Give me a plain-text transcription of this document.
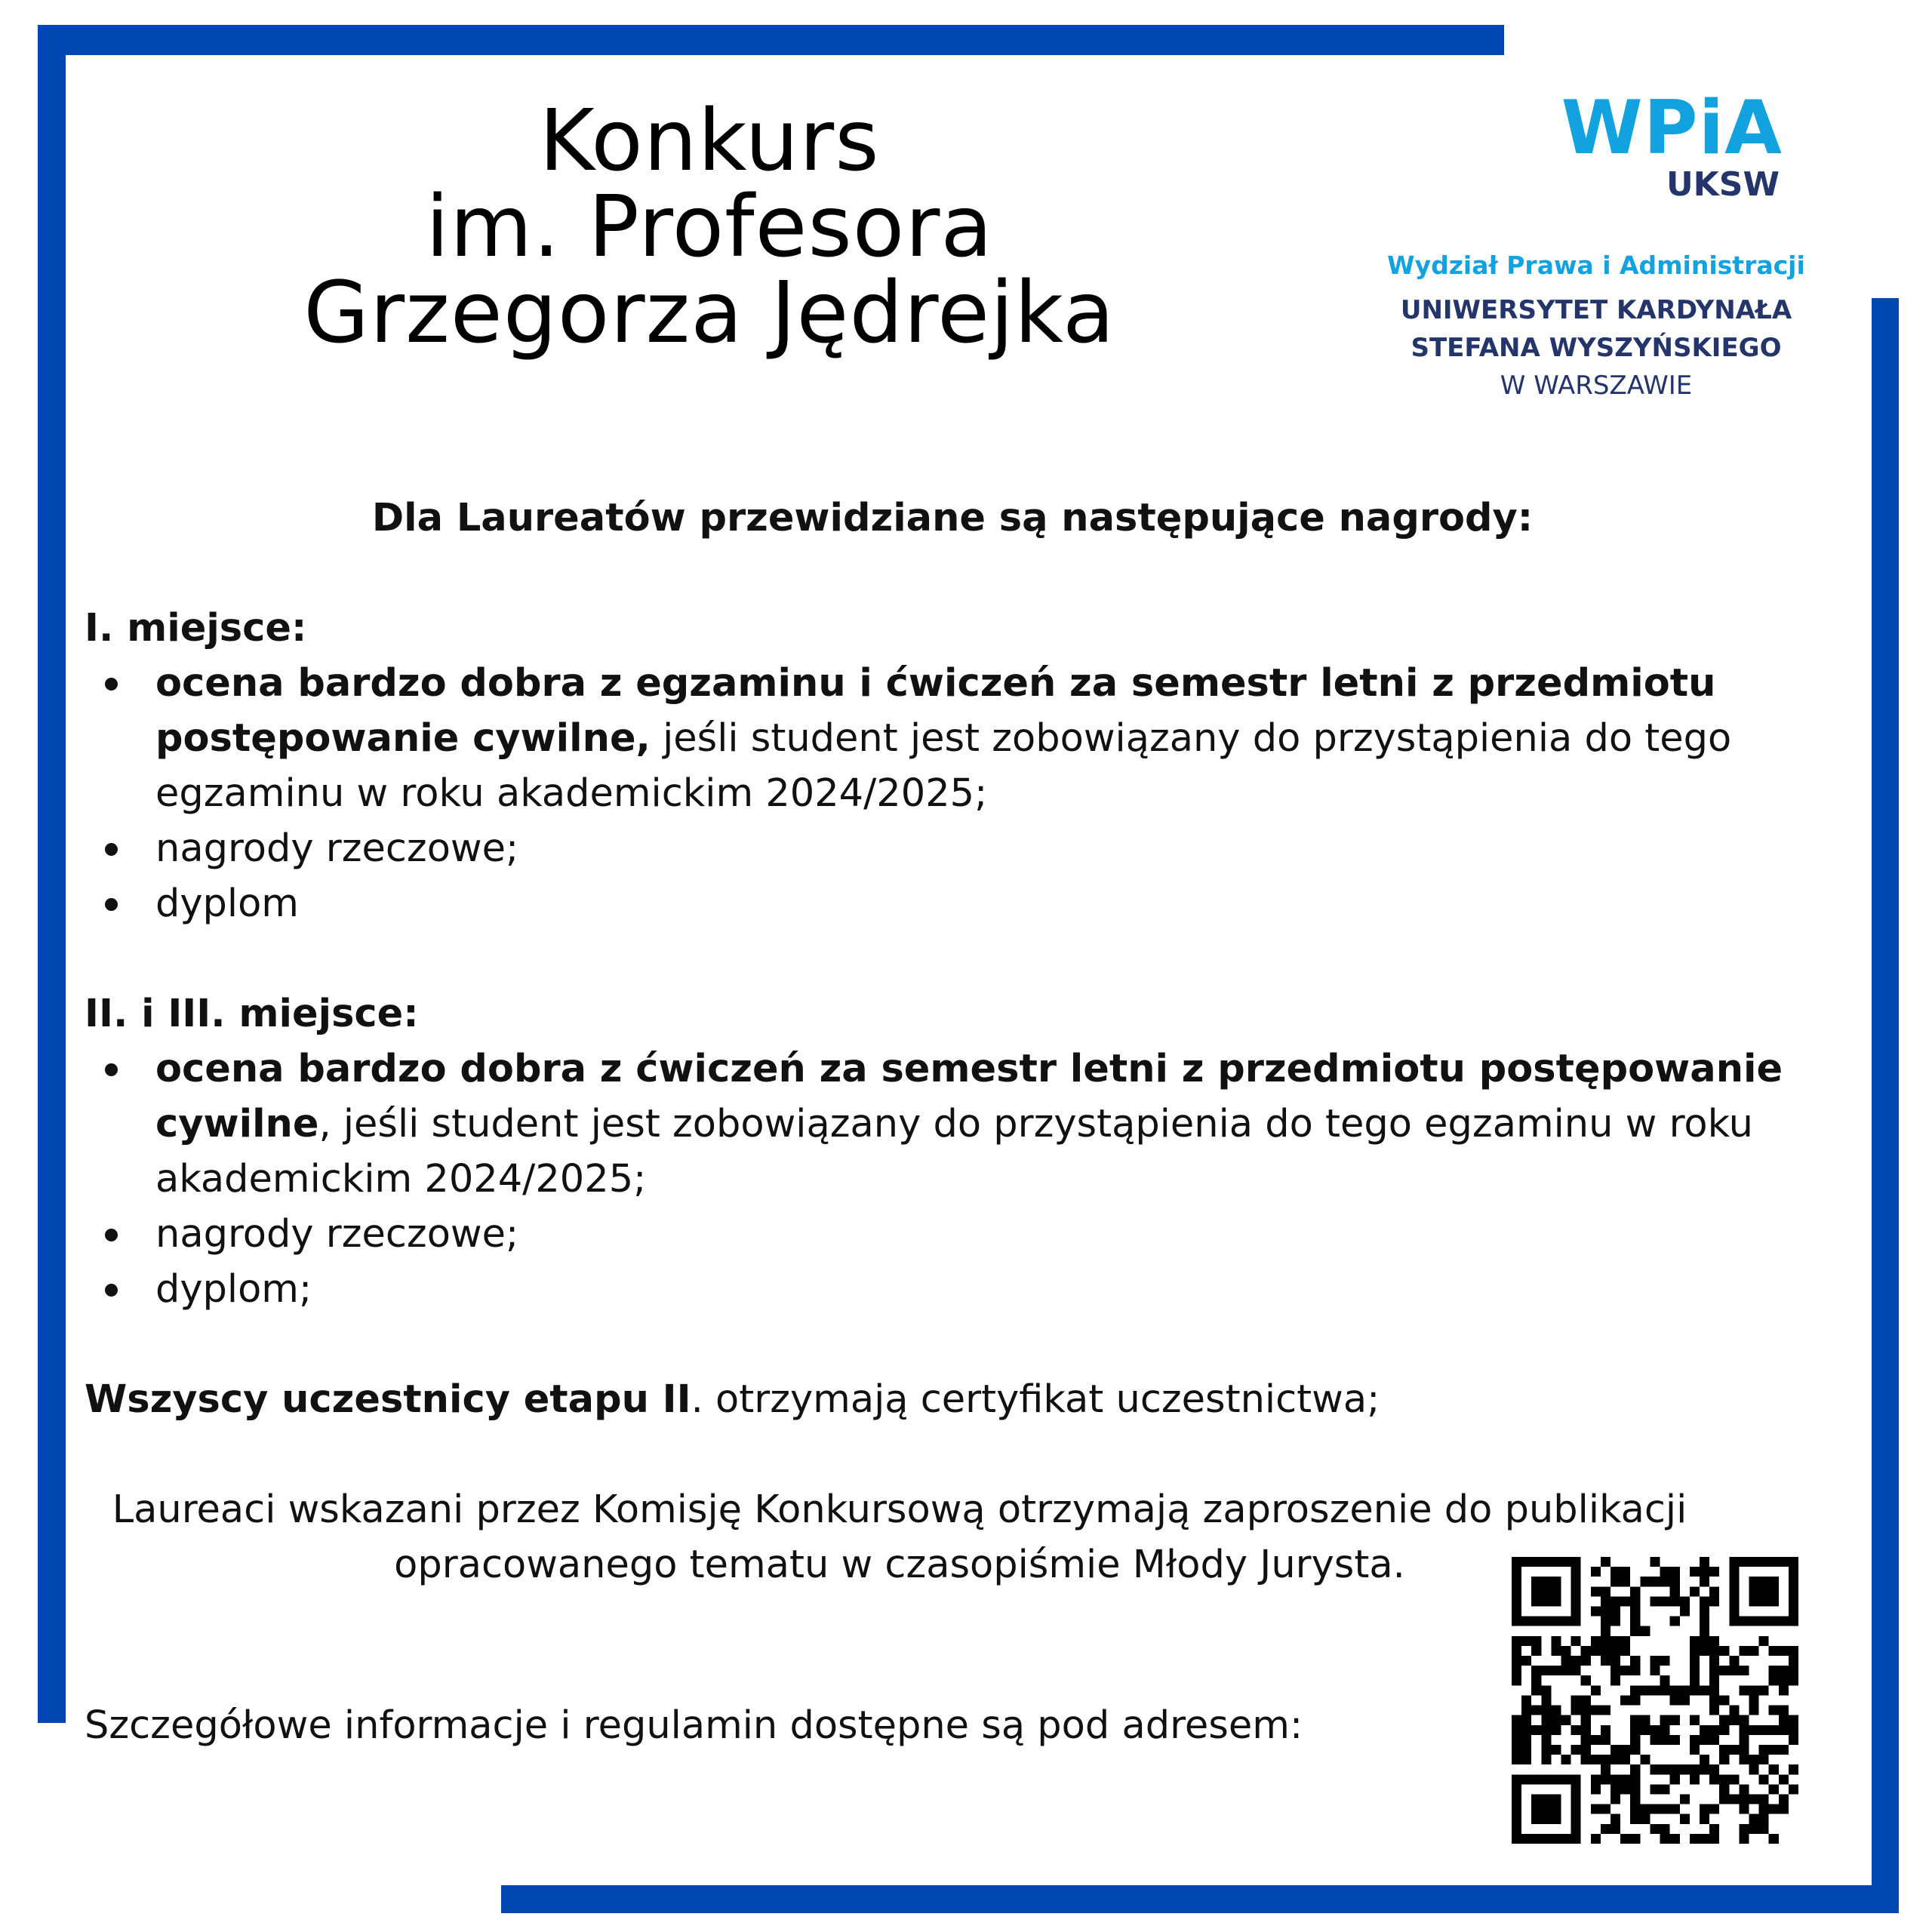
Konkurs
im. Profesora
Grzegorza Jędrejka
WPiA
UKSW
Wydział Prawa i Administracji
UNIWERSYTET KARDYNAŁA
STEFANA WYSZYŃSKIEGO
W WARSZAWIE
Dla Laureatów przewidziane są następujące nagrody:
I. miejsce:
ocena bardzo dobra z egzaminu i ćwiczeń za semestr letni z przedmiotu postępowanie cywilne, jeśli student jest zobowiązany do przystąpienia do tego egzaminu w roku akademickim 2024/2025;
nagrody rzeczowe;
dyplom
II. i III. miejsce:
ocena bardzo dobra z ćwiczeń za semestr letni z przedmiotu postępowanie cywilne, jeśli student jest zobowiązany do przystąpienia do tego egzaminu w roku akademickim 2024/2025;
nagrody rzeczowe;
dyplom;
Wszyscy uczestnicy etapu II. otrzymają certyfikat uczestnictwa;
Laureaci wskazani przez Komisję Konkursową otrzymają zaproszenie do publikacji opracowanego tematu w czasopiśmie Młody Jurysta.
Szczegółowe informacje i regulamin dostępne są pod adresem:
